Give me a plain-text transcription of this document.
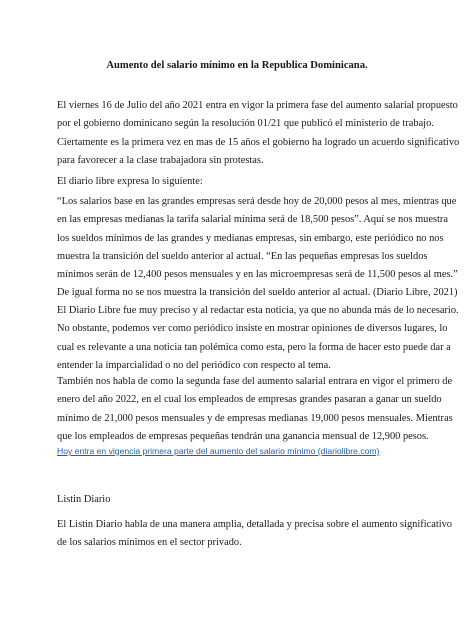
Aumento del salario mínimo en la Republica Dominicana.

El viernes 16 de Julio del año 2021 entra en vigor la primera fase del aumento salarial propuesto

por el gobierno dominicano según la resolución 01/21 que publicó el ministerio de trabajo.

Ciertamente es la primera vez en mas de 15 años el gobierno ha logrado un acuerdo significativo

para favorecer a la clase trabajadora sin protestas.

El diario libre expresa lo siguiente:

“Los salarios base en las grandes empresas será desde hoy de 20,000 pesos al mes, mientras que

en las empresas medianas la tarifa salarial mínima será de 18,500 pesos”. Aquí se nos muestra

los sueldos mínimos de las grandes y medianas empresas, sin embargo, este periódico no nos

muestra la transición del sueldo anterior al actual. “En las pequeñas empresas los sueldos

mínimos serán de 12,400 pesos mensuales y en las microempresas será de 11,500 pesos al mes.”

De igual forma no se nos muestra la transición del sueldo anterior al actual. (Diario Libre, 2021)

El Diario Libre fue muy preciso y al redactar esta noticia, ya que no abunda más de lo necesario.

No obstante, podemos ver como periódico insiste en mostrar opiniones de diversos lugares, lo

cual es relevante a una noticia tan polémica como esta, pero la forma de hacer esto puede dar a

entender la imparcialidad o no del periódico con respecto al tema.

También nos habla de como la segunda fase del aumento salarial entrara en vigor el primero de

enero del año 2022, en el cual los empleados de empresas grandes pasaran a ganar un sueldo

mínimo de 21,000 pesos mensuales y de empresas medianas 19,000 pesos mensuales. Mientras

que los empleados de empresas pequeñas tendrán una ganancia mensual de 12,900 pesos.

Hoy entra en vigencia primera parte del aumento del salario mínimo (diariolibre.com)

Listin Diario

El Listin Diario habla de una manera amplia, detallada y precisa sobre el aumento significativo

de los salarios mínimos en el sector privado.
